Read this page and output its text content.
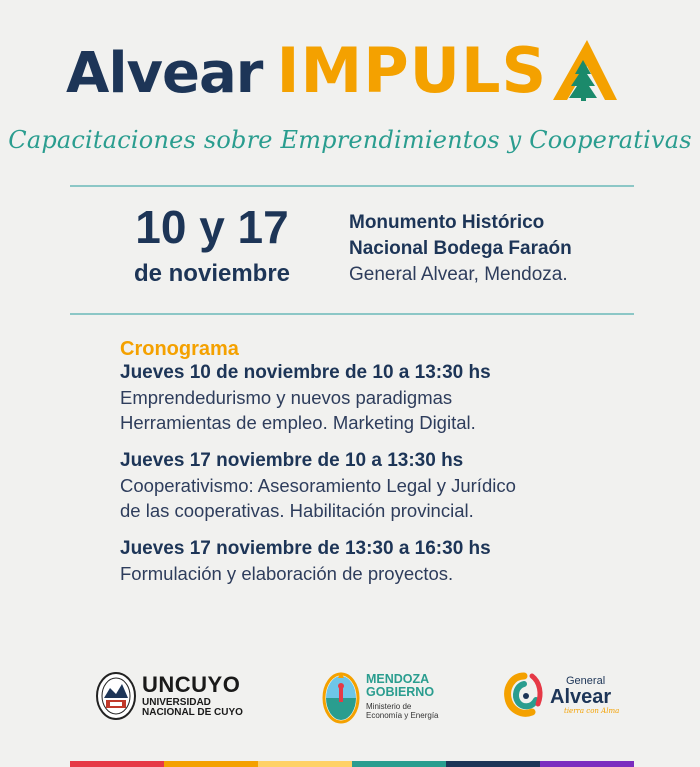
Alvear IMPULS
Capacitaciones sobre Emprendimientos y Cooperativas
10 y 17
de noviembre
Monumento Histórico
Nacional Bodega Faraón
General Alvear, Mendoza.
Cronograma
Jueves 10 de noviembre de 10 a 13:30 hs
Emprendedurismo y nuevos paradigmas
Herramientas de empleo. Marketing Digital.
Jueves 17 noviembre de 10 a 13:30 hs
Cooperativismo: Asesoramiento Legal y Jurídico
de las cooperativas. Habilitación provincial.
Jueves 17 noviembre de 13:30 a 16:30 hs
Formulación y elaboración de proyectos.
UNCUYO
UNIVERSIDAD
NACIONAL DE CUYO
MENDOZA
GOBIERNO
Ministerio de
Economía y Energía
General
Alvear
tierra con Alma
